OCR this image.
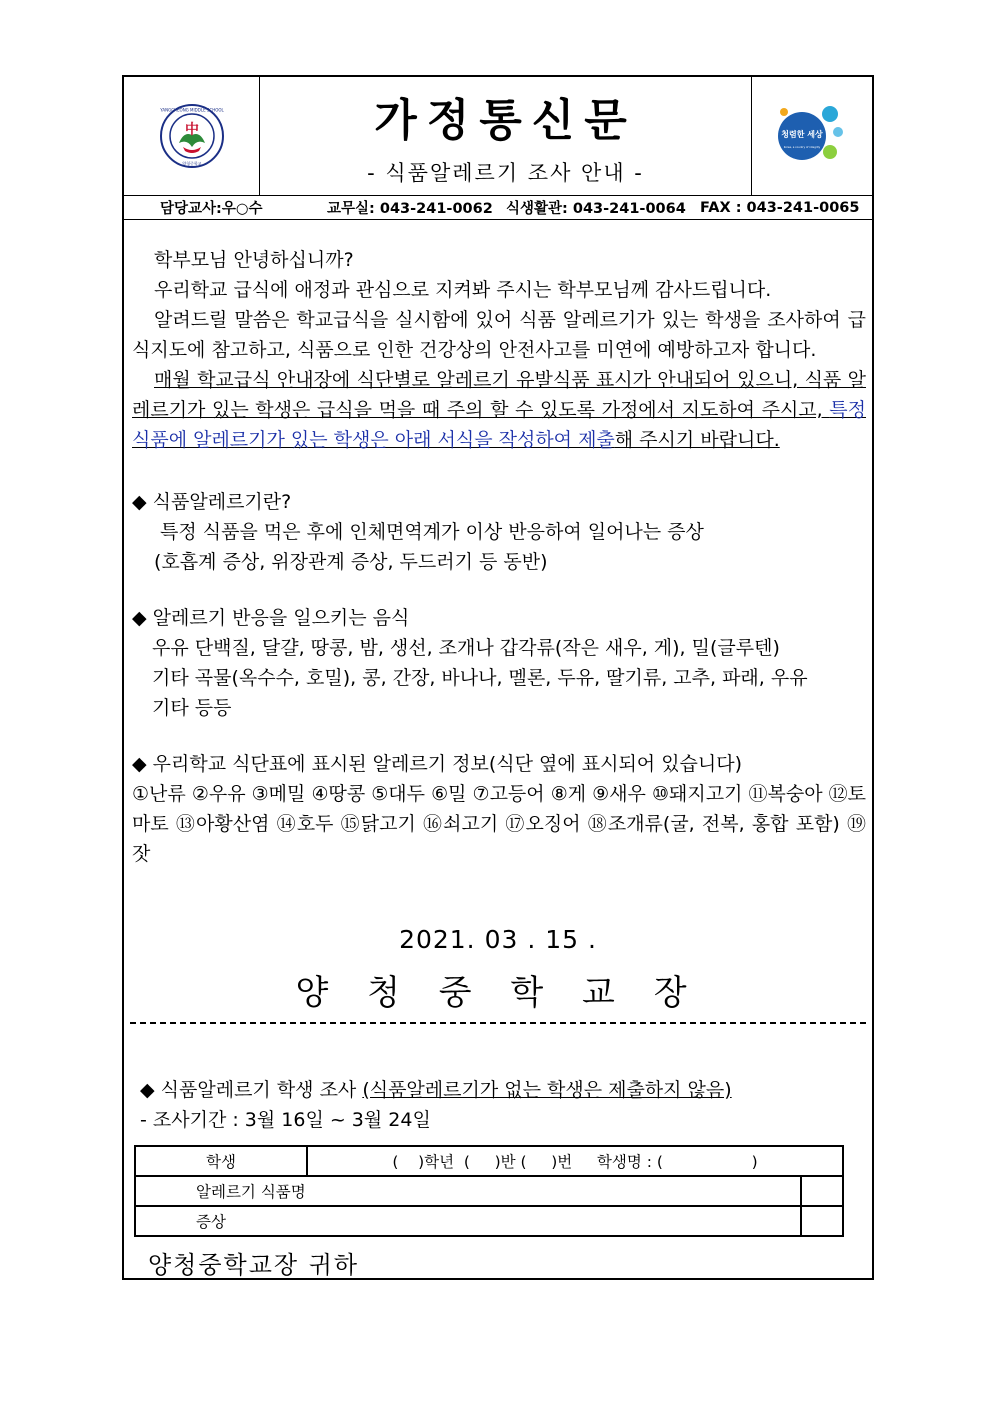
中
YANGCHEONG MIDDLE SCHOOL
양청중학교
가정통신문
- 식품알레르기 조사 안내 -
청렴한 세상
Korea, a country of integrity
담당교사:우○수	교무실: 043-241-0062 식생활관: 043-241-0064 FAX : 043-241-0065
학부모님 안녕하십니까?
우리학교 급식에 애정과 관심으로 지켜봐 주시는 학부모님께 감사드립니다.
알려드릴 말씀은 학교급식을 실시함에 있어 식품 알레르기가 있는 학생을 조사하여 급식지도에 참고하고, 식품으로 인한 건강상의 안전사고를 미연에 예방하고자 합니다.
매월 학교급식 안내장에 식단별로 알레르기 유발식품 표시가 안내되어 있으니, 식품 알레르기가 있는 학생은 급식을 먹을 때 주의 할 수 있도록 가정에서 지도하여 주시고, 특정 식품에 알레르기가 있는 학생은 아래 서식을 작성하여 제출해 주시기 바랍니다.
◆ 식품알레르기란?
특정 식품을 먹은 후에 인체면역계가 이상 반응하여 일어나는 증상
(호흡계 증상, 위장관계 증상, 두드러기 등 동반)
◆ 알레르기 반응을 일으키는 음식
우유 단백질, 달걀, 땅콩, 밤, 생선, 조개나 갑각류(작은 새우, 게), 밀(글루텐)
기타 곡물(옥수수, 호밀), 콩, 간장, 바나나, 멜론, 두유, 딸기류, 고추, 파래, 우유
기타 등등
◆ 우리학교 식단표에 표시된 알레르기 정보(식단 옆에 표시되어 있습니다)
①난류 ②우유 ③메밀 ④땅콩 ⑤대두 ⑥밀 ⑦고등어 ⑧게 ⑨새우 ⑩돼지고기 ⑪복숭아 ⑫토마토 ⑬아황산염 ⑭호두 ⑮닭고기 ⑯쇠고기 ⑰오징어 ⑱조개류(굴, 전복, 홍합 포함) ⑲잣
2021. 03 . 15 .
양 청 중 학 교 장
◆ 식품알레르기 학생 조사 (식품알레르기가 없는 학생은 제출하지 않음)
- 조사기간 : 3월 16일 ~ 3월 24일
학생	(    )학년  (     )반 (     )번     학생명 : (                  )	
알레르기 식품명		
증상		
양청중학교장 귀하
